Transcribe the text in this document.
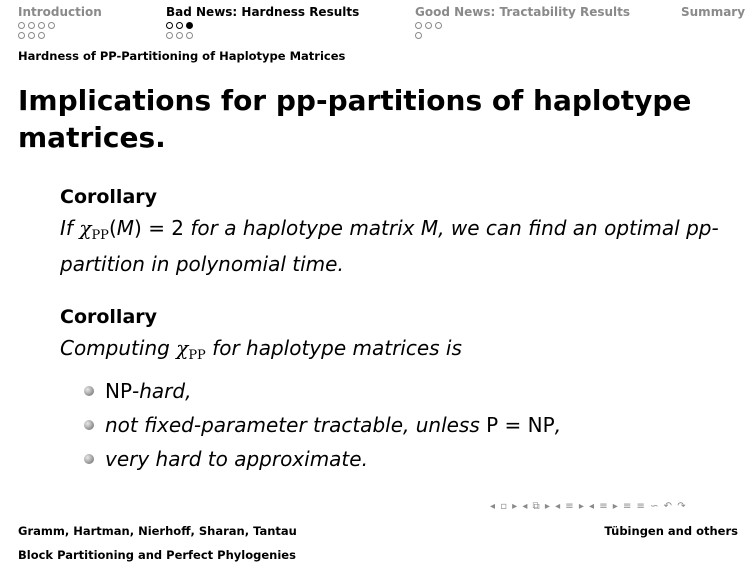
Introduction	Bad News: Hardness Results	Good News: Tractability Results	Summary
Hardness of PP-Partitioning of Haplotype Matrices
Implications for pp-partitions of haplotype matrices.
Corollary
If $\chi_{PP}(M) = 2$ for a haplotype matrix M, we can find an optimal pp-partition in polynomial time.
Corollary
Computing $\chi_{PP}$ for haplotype matrices is
NP-hard,
not fixed-parameter tractable, unless P = NP,
very hard to approximate.
◂ ▫ ▸ ◂ ⧉ ▸ ◂ ≡ ▸ ◂ ≡ ▸ ≡ ≡ ∽ ↶ ↷
Gramm, Hartman, Nierhoff, Sharan, Tantau	Tübingen and others
Block Partitioning and Perfect Phylogenies
